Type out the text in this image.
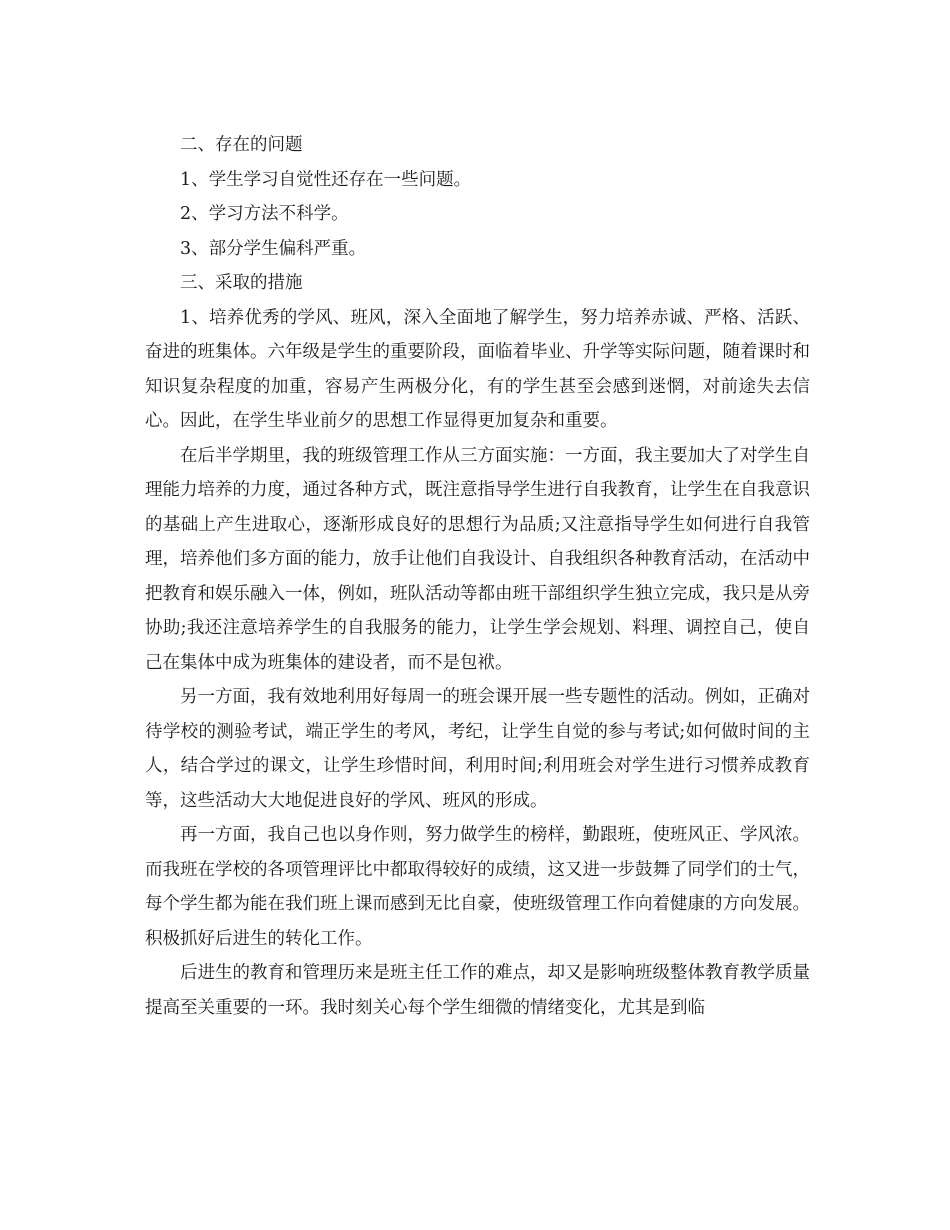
二、存在的问题

1、学生学习自觉性还存在一些问题。

2、学习方法不科学。

3、部分学生偏科严重。

三、采取的措施

1、培养优秀的学风、班风，深入全面地了解学生，努力培养赤诚、严格、活跃、奋进的班集体。六年级是学生的重要阶段，面临着毕业、升学等实际问题，随着课时和知识复杂程度的加重，容易产生两极分化，有的学生甚至会感到迷惘，对前途失去信心。因此，在学生毕业前夕的思想工作显得更加复杂和重要。

在后半学期里，我的班级管理工作从三方面实施：一方面，我主要加大了对学生自理能力培养的力度，通过各种方式，既注意指导学生进行自我教育，让学生在自我意识的基础上产生进取心，逐渐形成良好的思想行为品质;又注意指导学生如何进行自我管理，培养他们多方面的能力，放手让他们自我设计、自我组织各种教育活动，在活动中把教育和娱乐融入一体，例如，班队活动等都由班干部组织学生独立完成，我只是从旁协助;我还注意培养学生的自我服务的能力，让学生学会规划、料理、调控自己，使自己在集体中成为班集体的建设者，而不是包袱。

另一方面，我有效地利用好每周一的班会课开展一些专题性的活动。例如，正确对待学校的测验考试，端正学生的考风，考纪，让学生自觉的参与考试;如何做时间的主人，结合学过的课文，让学生珍惜时间，利用时间;利用班会对学生进行习惯养成教育等，这些活动大大地促进良好的学风、班风的形成。

再一方面，我自己也以身作则，努力做学生的榜样，勤跟班，使班风正、学风浓。而我班在学校的各项管理评比中都取得较好的成绩，这又进一步鼓舞了同学们的士气，每个学生都为能在我们班上课而感到无比自豪，使班级管理工作向着健康的方向发展。积极抓好后进生的转化工作。

后进生的教育和管理历来是班主任工作的难点，却又是影响班级整体教育教学质量提高至关重要的一环。我时刻关心每个学生细微的情绪变化，尤其是到临
